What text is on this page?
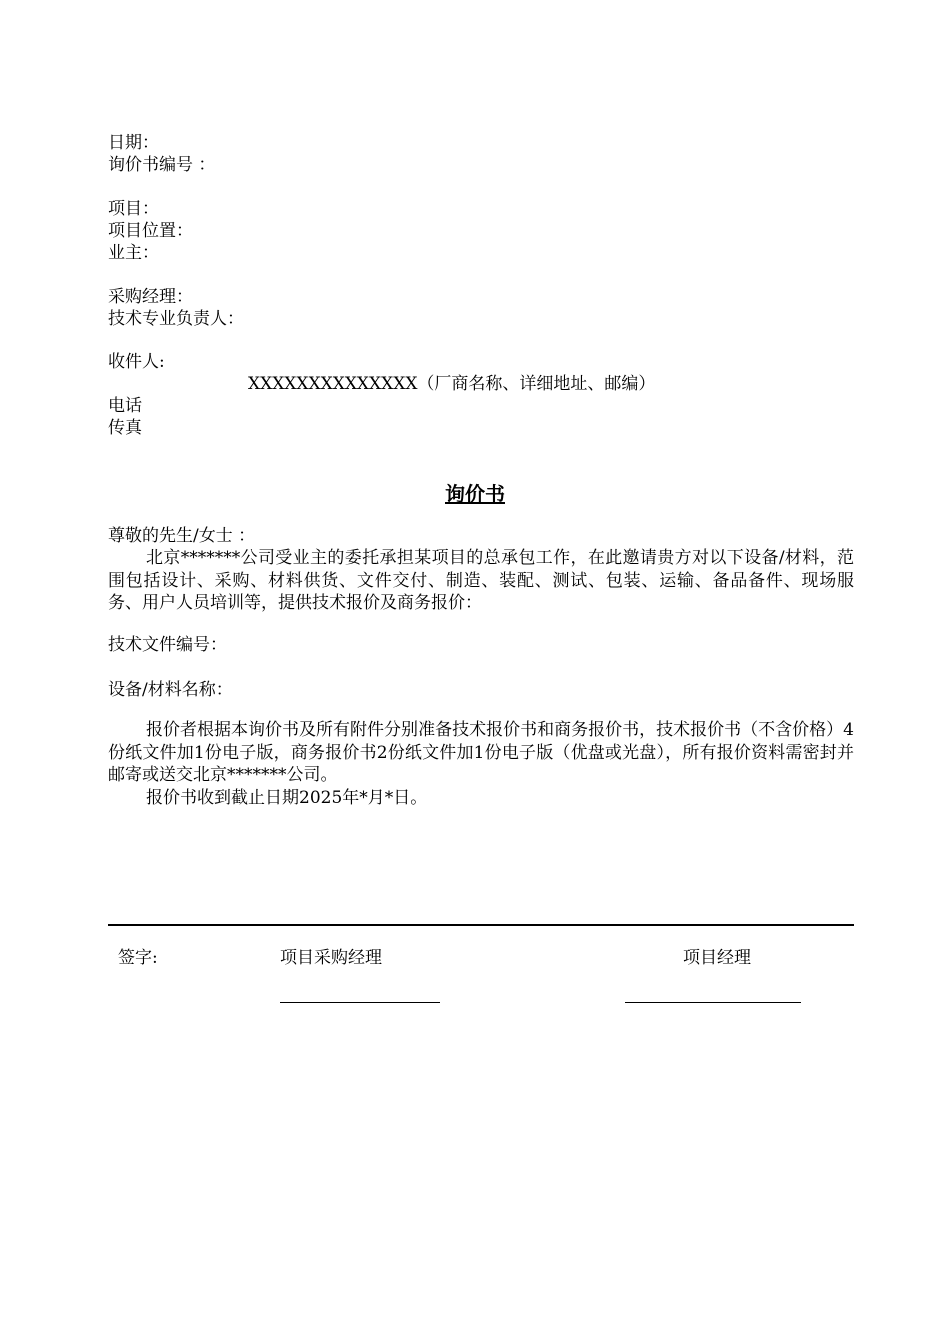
日期：
询价书编号 ：
项目：
项目位置：
业主：
采购经理：
技术专业负责人：
收件人:
XXXXXXXXXXXXXX（厂商名称、详细地址、邮编）
电话
传真
询价书
尊敬的先生/女士 ：
北京*******公司受业主的委托承担某项目的总承包工作，在此邀请贵方对以下设备/材料，范围包括设计、采购、材料供货、文件交付、制造、装配、测试、包装、运输、备品备件、现场服务、用户人员培训等，提供技术报价及商务报价：
技术文件编号：
设备/材料名称：
报价者根据本询价书及所有附件分别准备技术报价书和商务报价书，技术报价书（不含价格）4份纸文件加1份电子版，商务报价书2份纸文件加1份电子版（优盘或光盘），所有报价资料需密封并邮寄或送交北京*******公司。
报价书收到截止日期2025年*月*日。
签字:	项目采购经理	项目经理
